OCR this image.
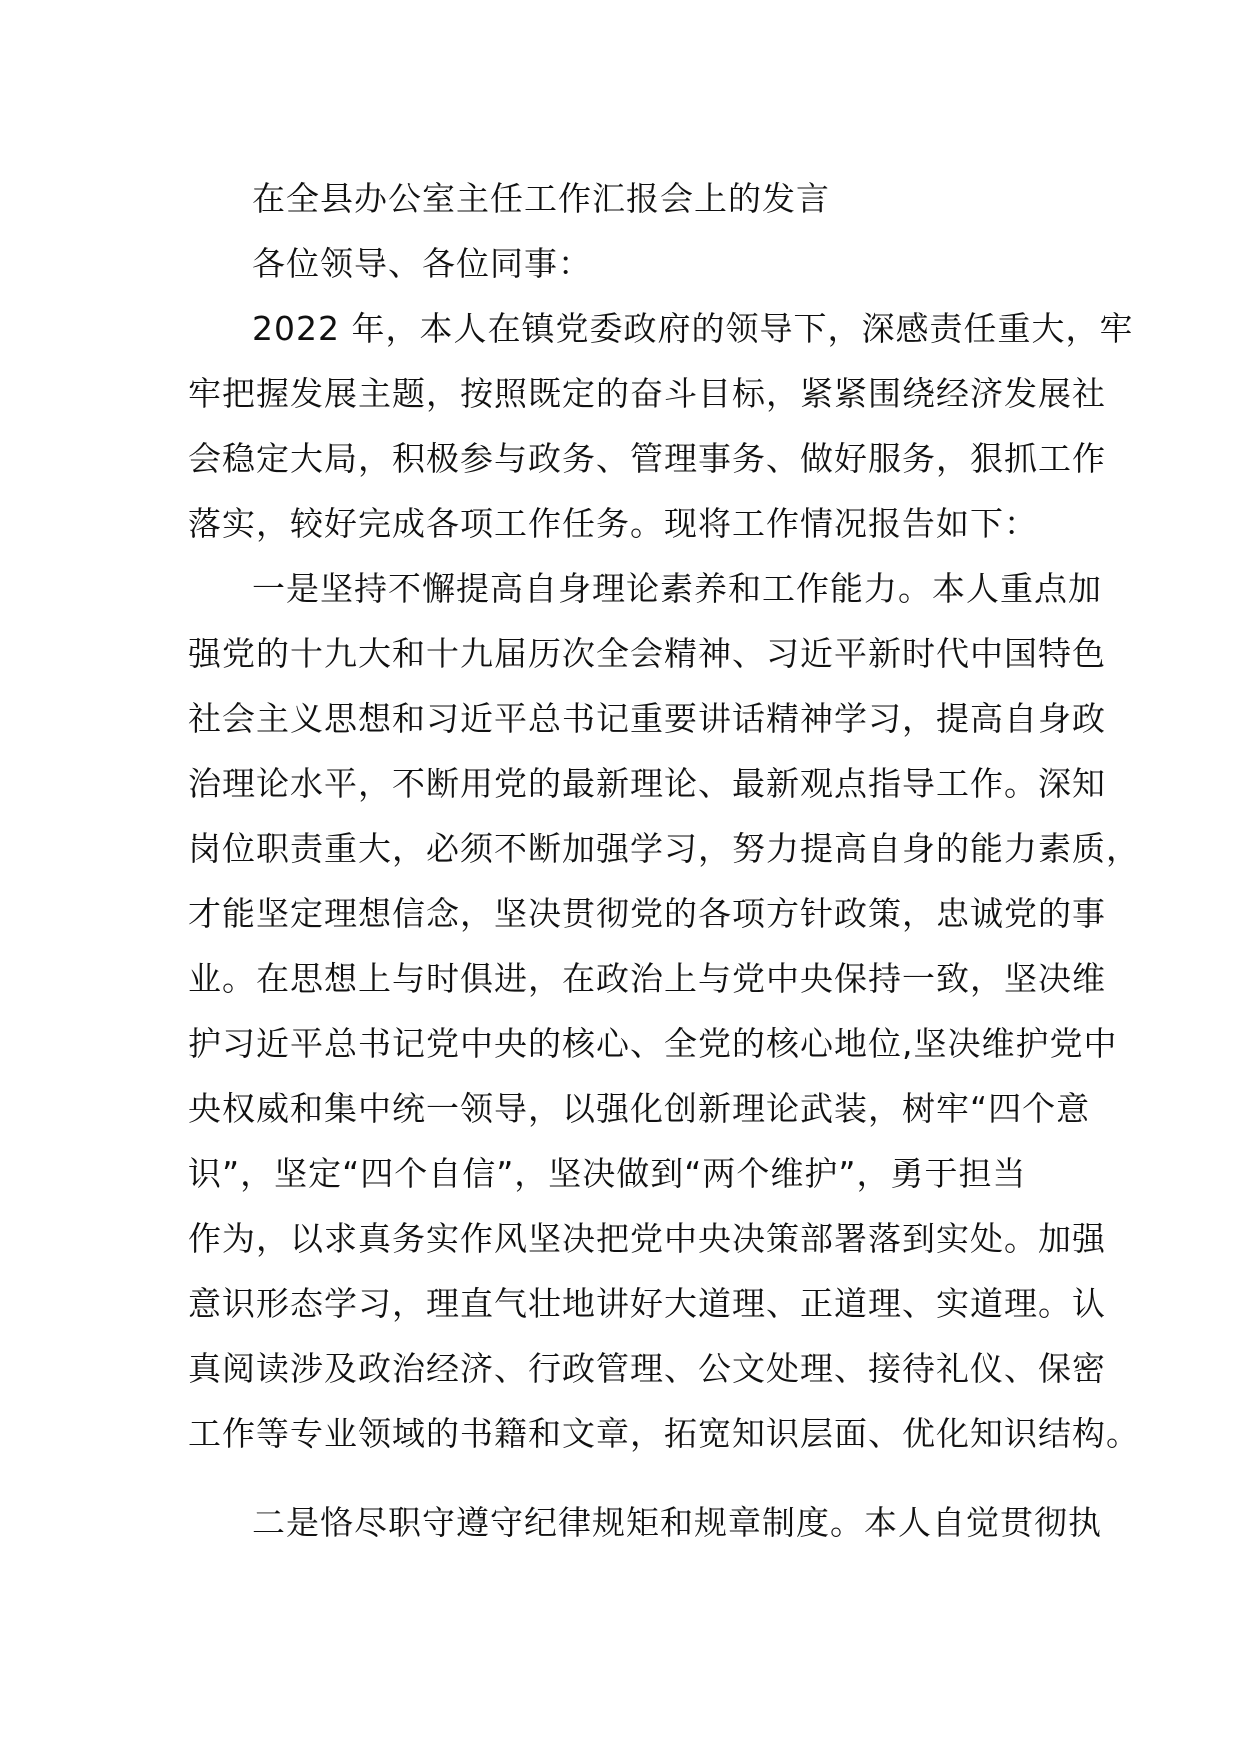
在全县办公室主任工作汇报会上的发言
各位领导、各位同事：
2022 年，本人在镇党委政府的领导下，深感责任重大，牢
牢把握发展主题，按照既定的奋斗目标，紧紧围绕经济发展社
会稳定大局，积极参与政务、管理事务、做好服务，狠抓工作
落实，较好完成各项工作任务。现将工作情况报告如下：
一是坚持不懈提高自身理论素养和工作能力。本人重点加
强党的十九大和十九届历次全会精神、习近平新时代中国特色
社会主义思想和习近平总书记重要讲话精神学习，提高自身政
治理论水平，不断用党的最新理论、最新观点指导工作。深知
岗位职责重大，必须不断加强学习，努力提高自身的能力素质，
才能坚定理想信念，坚决贯彻党的各项方针政策，忠诚党的事
业。在思想上与时俱进，在政治上与党中央保持一致，坚决维
护习近平总书记党中央的核心、全党的核心地位,坚决维护党中
央权威和集中统一领导，以强化创新理论武装，树牢“四个意
识”，坚定“四个自信”，坚决做到“两个维护”，勇于担当
作为，以求真务实作风坚决把党中央决策部署落到实处。加强
意识形态学习，理直气壮地讲好大道理、正道理、实道理。认
真阅读涉及政治经济、行政管理、公文处理、接待礼仪、保密
工作等专业领域的书籍和文章，拓宽知识层面、优化知识结构。
二是恪尽职守遵守纪律规矩和规章制度。本人自觉贯彻执
